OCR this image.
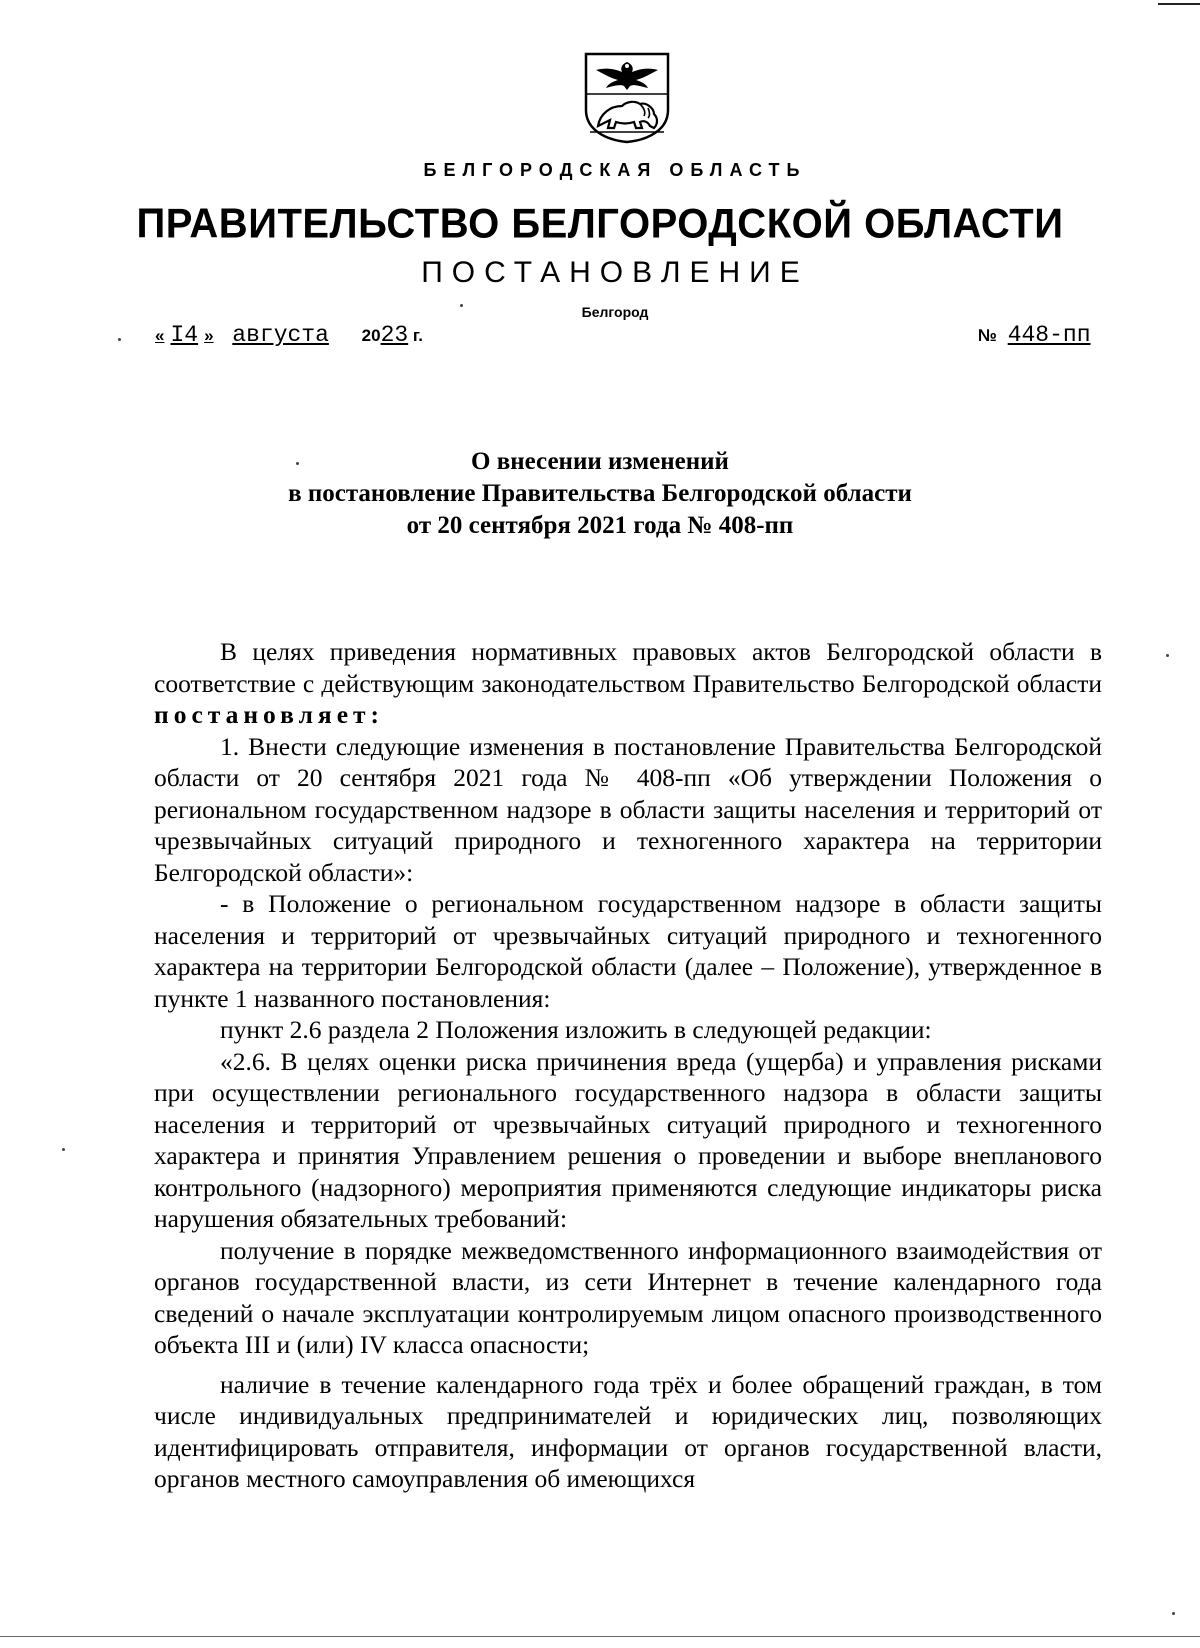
БЕЛГОРОДСКАЯ ОБЛАСТЬ
ПРАВИТЕЛЬСТВО БЕЛГОРОДСКОЙ ОБЛАСТИ
ПОСТАНОВЛЕНИЕ
Белгород
« I4 » августа 2023 г.	№ 448-пп
О внесении изменений
в постановление Правительства Белгородской области
от 20 сентября 2021 года № 408-пп

В целях приведения нормативных правовых актов Белгородской области в соответствие с действующим законодательством Правительство Белгородской области постановляет:

1. Внести следующие изменения в постановление Правительства Белгородской области от 20 сентября 2021 года № 408-пп «Об утверждении Положения о региональном государственном надзоре в области защиты населения и территорий от чрезвычайных ситуаций природного и техногенного характера на территории Белгородской области»:

- в Положение о региональном государственном надзоре в области защиты населения и территорий от чрезвычайных ситуаций природного и техногенного характера на территории Белгородской области (далее – Положение), утвержденное в пункте 1 названного постановления:

пункт 2.6 раздела 2 Положения изложить в следующей редакции:

«2.6. В целях оценки риска причинения вреда (ущерба) и управления рисками при осуществлении регионального государственного надзора в области защиты населения и территорий от чрезвычайных ситуаций природного и техногенного характера и принятия Управлением решения о проведении и выборе внепланового контрольного (надзорного) мероприятия применяются следующие индикаторы риска нарушения обязательных требований:

получение в порядке межведомственного информационного взаимодействия от органов государственной власти, из сети Интернет в течение календарного года сведений о начале эксплуатации контролируемым лицом опасного производственного объекта III и (или) IV класса опасности;

наличие в течение календарного года трёх и более обращений граждан, в том числе индивидуальных предпринимателей и юридических лиц, позволяющих идентифицировать отправителя, информации от органов государственной власти, органов местного самоуправления об имеющихся
